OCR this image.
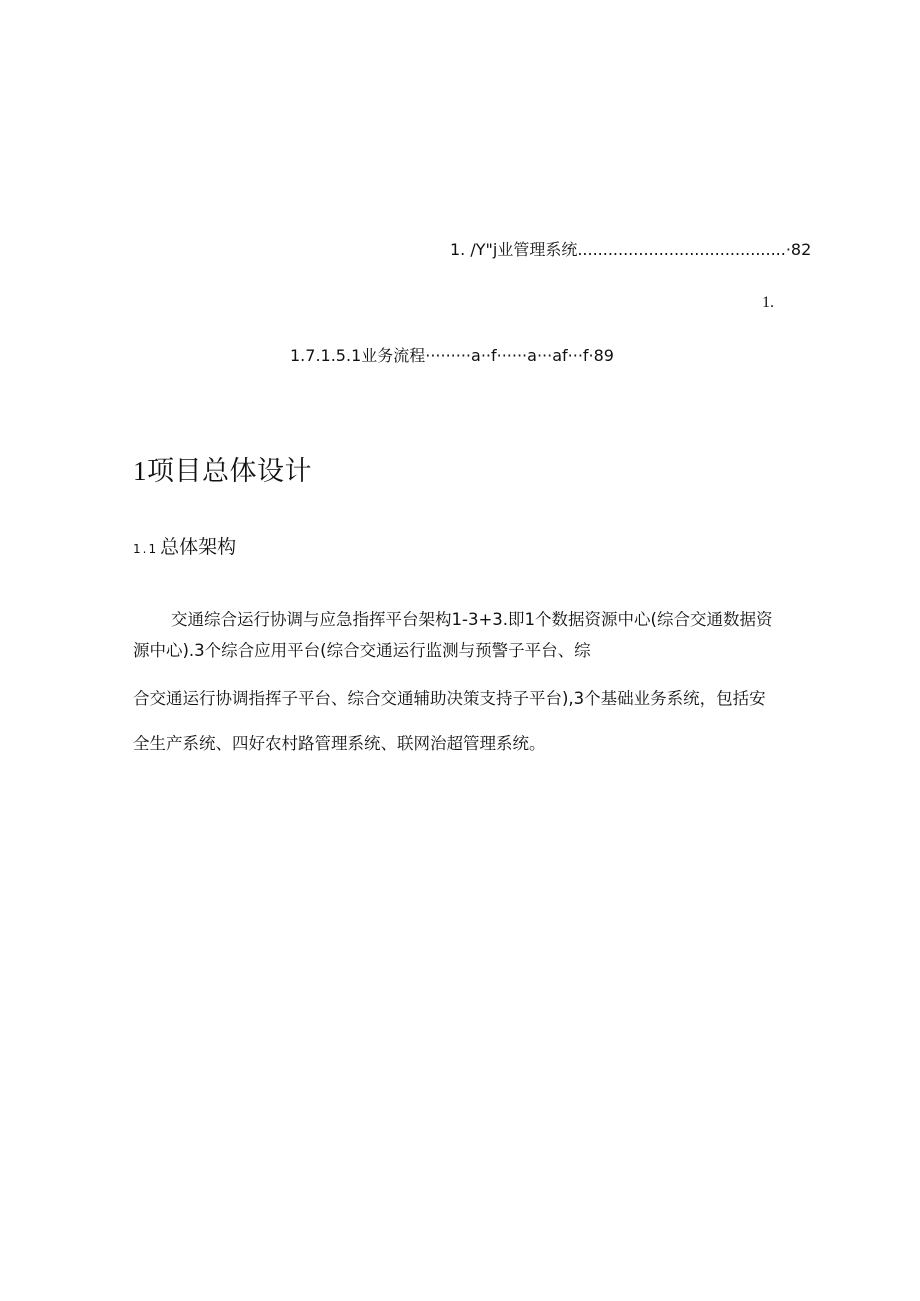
1. /Y"j业管理系统.........................................·82
1.
1.7.1.5.1业务流程·········a··f······a···af···f·89
1项目总体设计
1.1 总体架构
交通综合运行协调与应急指挥平台架构1-3+3.即1个数据资源中心(综合交通数据资
源中心).3个综合应用平台(综合交通运行监测与预警子平台、综
合交通运行协调指挥子平台、综合交通辅助决策支持子平台),3个基础业务系统，包括安
全生产系统、四好农村路管理系统、联网治超管理系统。
